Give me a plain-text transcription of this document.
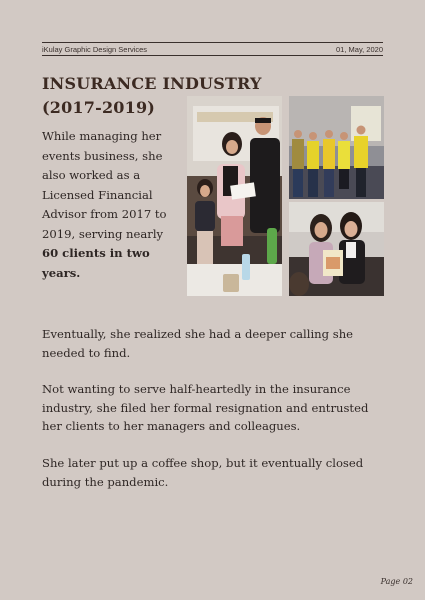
iKulay Graphic Design Services	01, May, 2020
INSURANCE INDUSTRY
(2017-2019)
While managing her events business, she also worked as a Licensed Financial Advisor from 2017 to 2019, serving nearly 60 clients in two years.
Eventually, she realized she had a deeper calling she needed to find.
Not wanting to serve half-heartedly in the insurance industry, she filed her formal resignation and entrusted her clients to her managers and colleagues.
She later put up a coffee shop, but it eventually closed during the pandemic.
Page 02
